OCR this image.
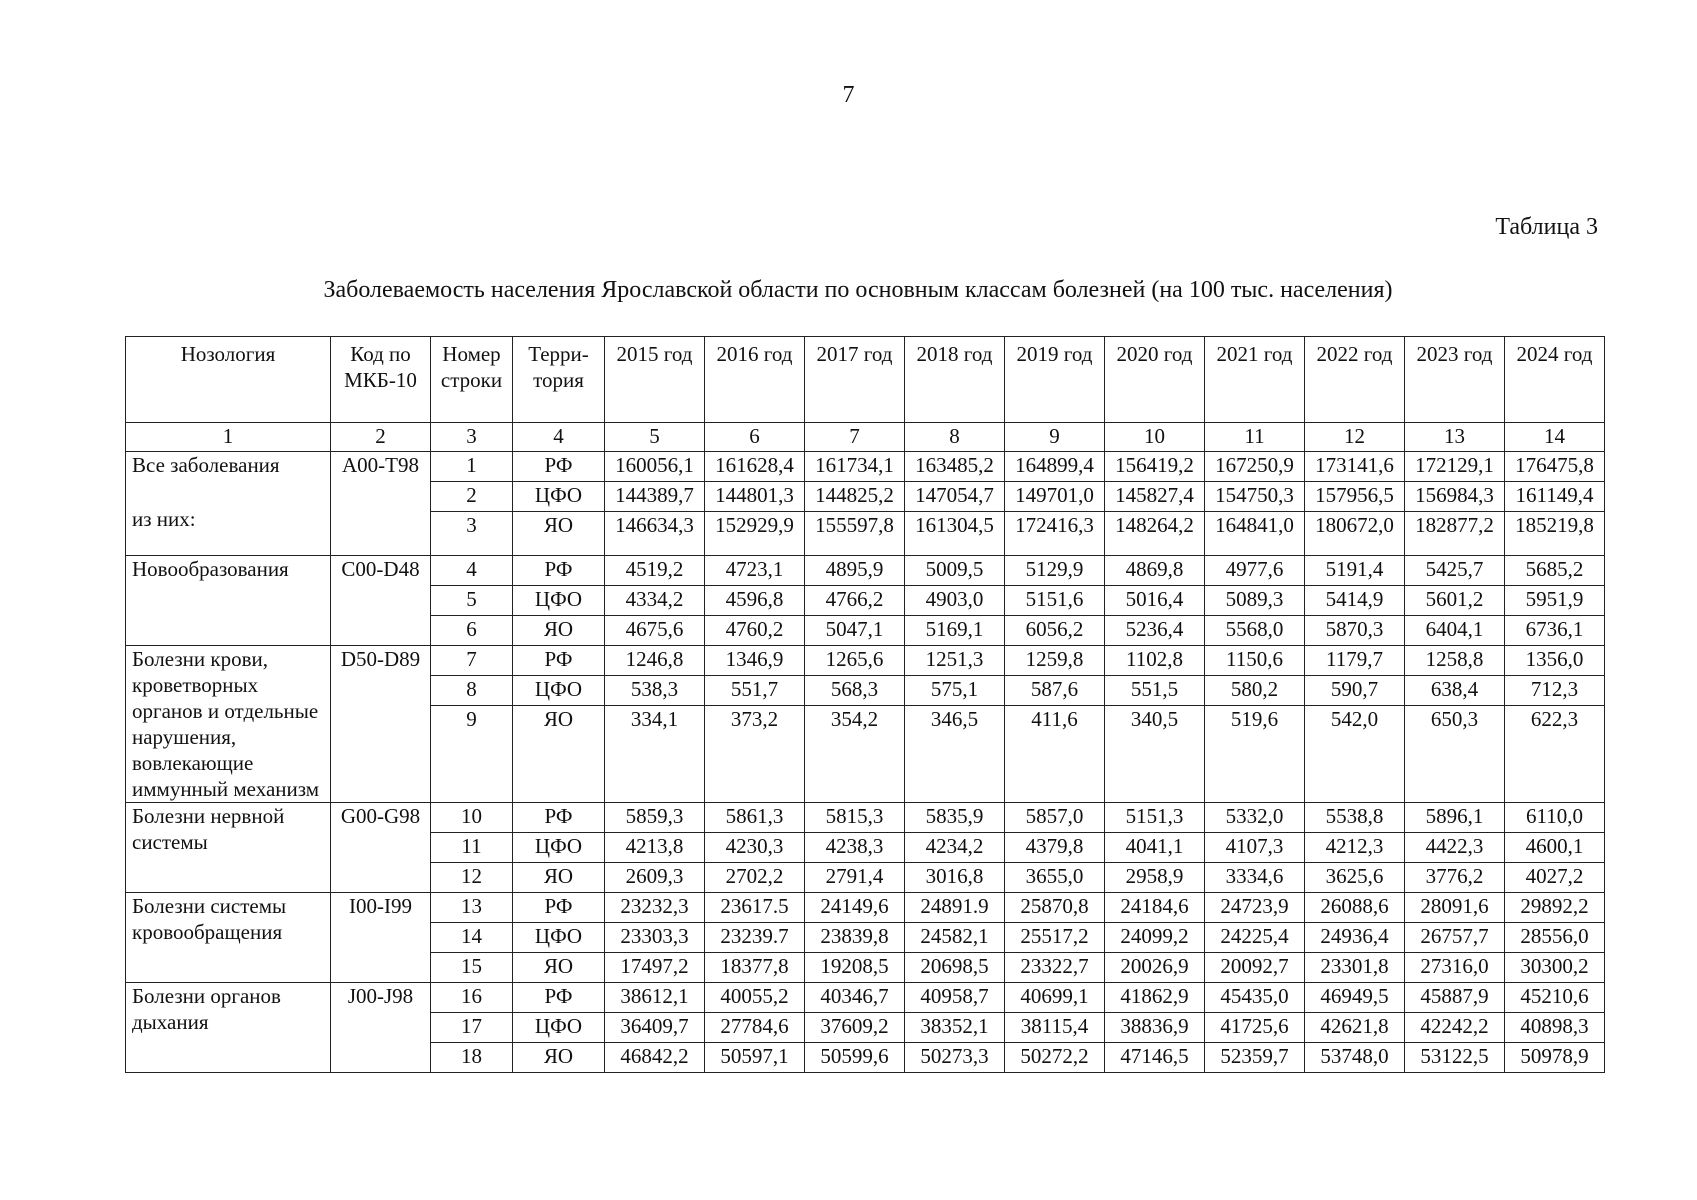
7
Таблица 3
Заболеваемость населения Ярославской области по основным классам болезней (на 100 тыс. населения)
Нозология	Код по МКБ-10	Номер строки	Терри-тория	2015 год	2016 год	2017 год	2018 год	2019 год	2020 год	2021 год	2022 год	2023 год	2024 год
1	2	3	4	5	6	7	8	9	10	11	12	13	14

Все заболевания
из них:	A00-T98	1	РФ	160056,1	161628,4	161734,1	163485,2	164899,4	156419,2	167250,9	173141,6	172129,1	176475,8
		2	ЦФО	144389,7	144801,3	144825,2	147054,7	149701,0	145827,4	154750,3	157956,5	156984,3	161149,4
		3	ЯО	146634,3	152929,9	155597,8	161304,5	172416,3	148264,2	164841,0	180672,0	182877,2	185219,8

Новообразования	C00-D48	4	РФ	4519,2	4723,1	4895,9	5009,5	5129,9	4869,8	4977,6	5191,4	5425,7	5685,2
		5	ЦФО	4334,2	4596,8	4766,2	4903,0	5151,6	5016,4	5089,3	5414,9	5601,2	5951,9
		6	ЯО	4675,6	4760,2	5047,1	5169,1	6056,2	5236,4	5568,0	5870,3	6404,1	6736,1

Болезни крови, кроветворных органов и отдельные нарушения, вовлекающие иммунный механизм	D50-D89	7	РФ	1246,8	1346,9	1265,6	1251,3	1259,8	1102,8	1150,6	1179,7	1258,8	1356,0
		8	ЦФО	538,3	551,7	568,3	575,1	587,6	551,5	580,2	590,7	638,4	712,3
		9	ЯО	334,1	373,2	354,2	346,5	411,6	340,5	519,6	542,0	650,3	622,3

Болезни нервной системы	G00-G98	10	РФ	5859,3	5861,3	5815,3	5835,9	5857,0	5151,3	5332,0	5538,8	5896,1	6110,0
		11	ЦФО	4213,8	4230,3	4238,3	4234,2	4379,8	4041,1	4107,3	4212,3	4422,3	4600,1
		12	ЯО	2609,3	2702,2	2791,4	3016,8	3655,0	2958,9	3334,6	3625,6	3776,2	4027,2

Болезни системы кровообращения	I00-I99	13	РФ	23232,3	23617.5	24149,6	24891.9	25870,8	24184,6	24723,9	26088,6	28091,6	29892,2
		14	ЦФО	23303,3	23239.7	23839,8	24582,1	25517,2	24099,2	24225,4	24936,4	26757,7	28556,0
		15	ЯО	17497,2	18377,8	19208,5	20698,5	23322,7	20026,9	20092,7	23301,8	27316,0	30300,2

Болезни органов дыхания	J00-J98	16	РФ	38612,1	40055,2	40346,7	40958,7	40699,1	41862,9	45435,0	46949,5	45887,9	45210,6
		17	ЦФО	36409,7	27784,6	37609,2	38352,1	38115,4	38836,9	41725,6	42621,8	42242,2	40898,3
		18	ЯО	46842,2	50597,1	50599,6	50273,3	50272,2	47146,5	52359,7	53748,0	53122,5	50978,9
